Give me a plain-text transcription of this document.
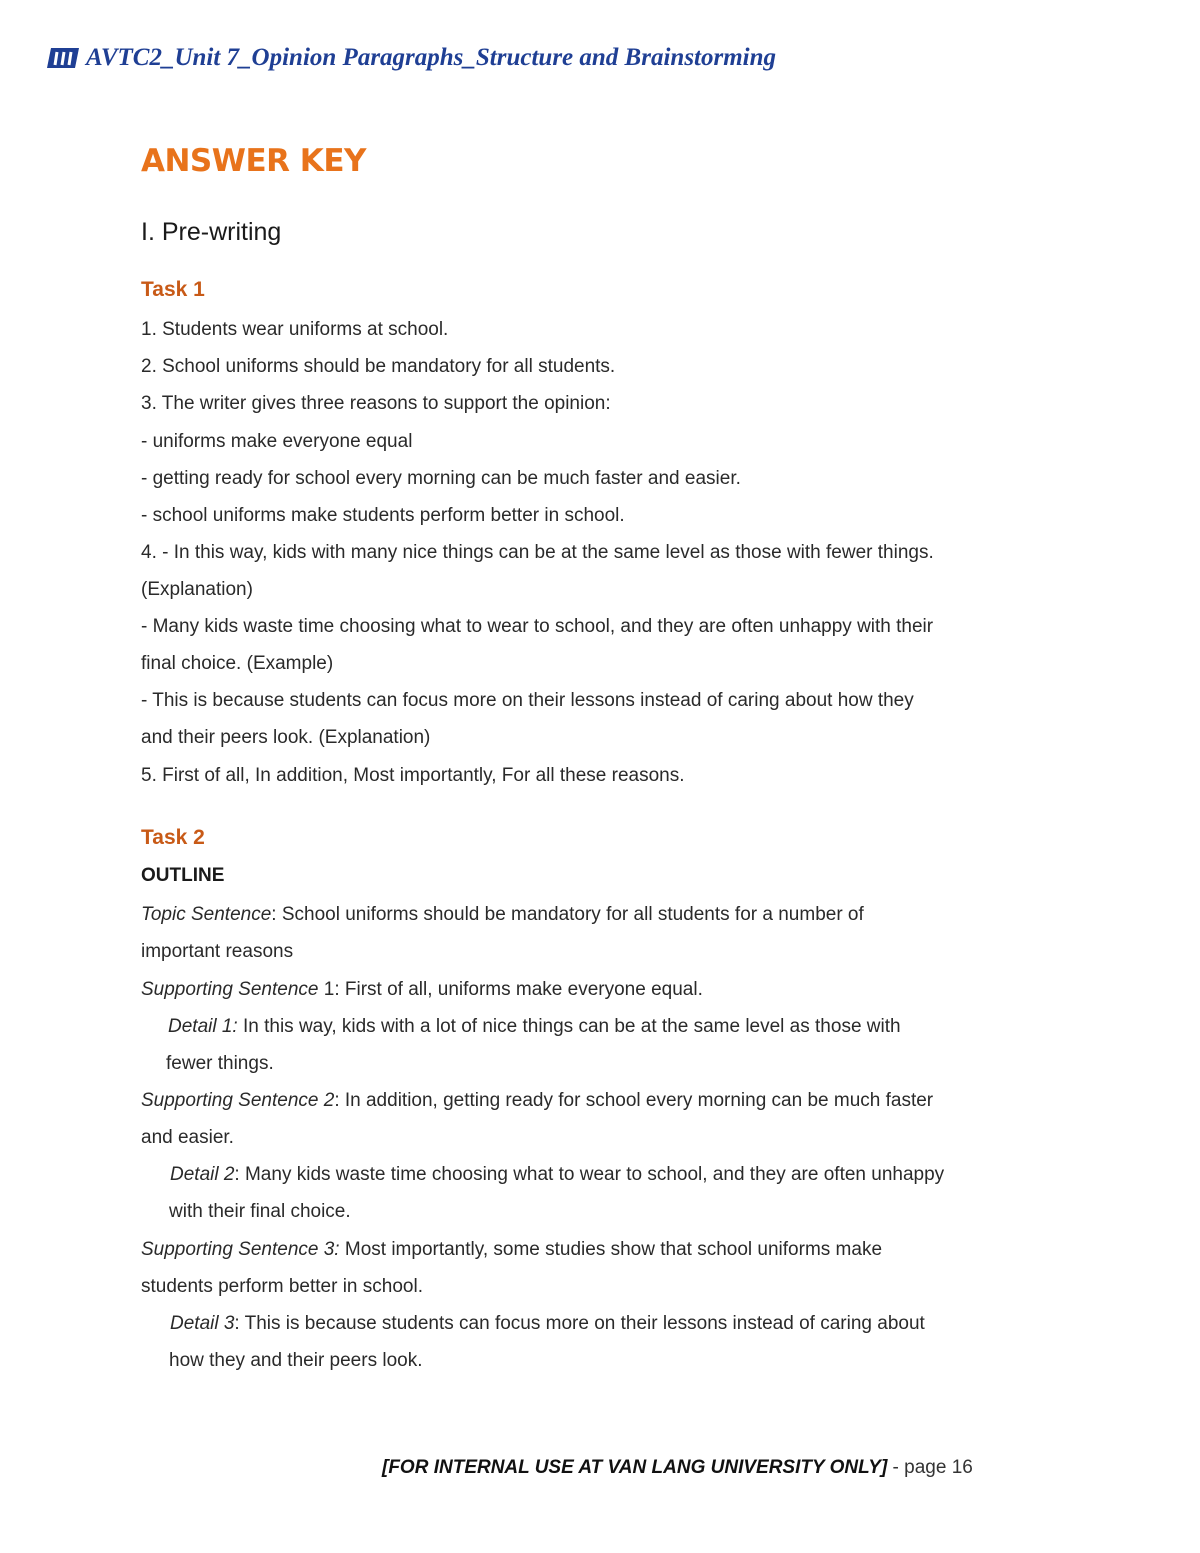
AVTC2_Unit 7_Opinion Paragraphs_Structure and Brainstorming
ANSWER KEY
I. Pre-writing
Task 1
1. Students wear uniforms at school.
2. School uniforms should be mandatory for all students.
3. The writer gives three reasons to support the opinion:
- uniforms make everyone equal
- getting ready for school every morning can be much faster and easier.
- school uniforms make students perform better in school.
4. - In this way, kids with many nice things can be at the same level as those with fewer things.
(Explanation)
- Many kids waste time choosing what to wear to school, and they are often unhappy with their
final choice. (Example)
- This is because students can focus more on their lessons instead of caring about how they
and their peers look. (Explanation)
5. First of all, In addition, Most importantly, For all these reasons.
Task 2
OUTLINE
Topic Sentence: School uniforms should be mandatory for all students for a number of
important reasons
Supporting Sentence 1: First of all, uniforms make everyone equal.
Detail 1: In this way, kids with a lot of nice things can be at the same level as those with
fewer things.
Supporting Sentence 2: In addition, getting ready for school every morning can be much faster
and easier.
Detail 2: Many kids waste time choosing what to wear to school, and they are often unhappy
with their final choice.
Supporting Sentence 3: Most importantly, some studies show that school uniforms make
students perform better in school.
Detail 3: This is because students can focus more on their lessons instead of caring about
how they and their peers look.
[FOR INTERNAL USE AT VAN LANG UNIVERSITY ONLY] - page 16
